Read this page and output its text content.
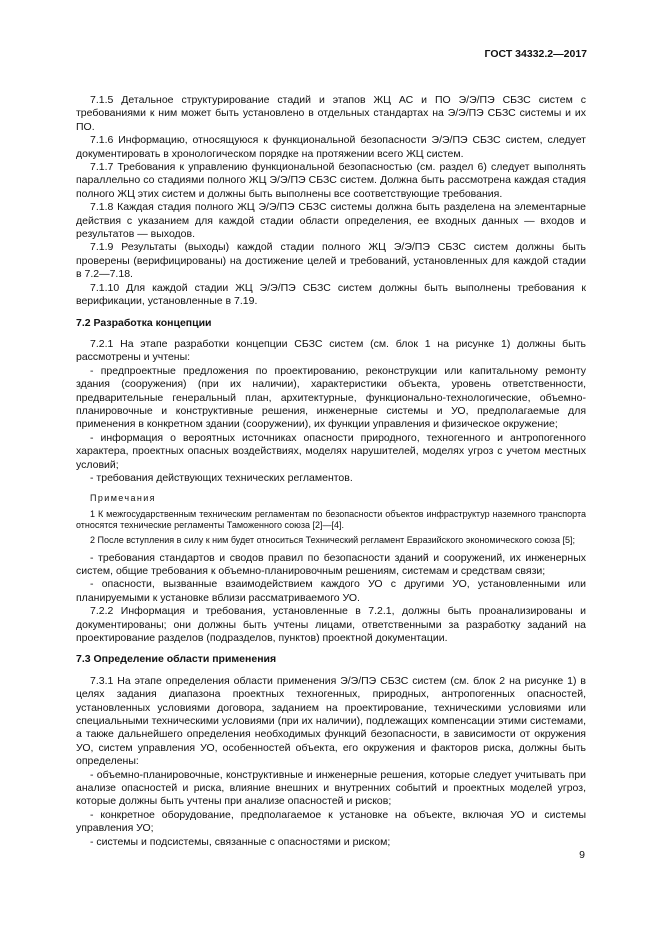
ГОСТ 34332.2—2017

7.1.5 Детальное структурирование стадий и этапов ЖЦ АС и ПО Э/Э/ПЭ СБЗС систем с требованиями к ним может быть установлено в отдельных стандартах на Э/Э/ПЭ СБЗС системы и их ПО.

7.1.6 Информацию, относящуюся к функциональной безопасности Э/Э/ПЭ СБЗС систем, следует документировать в хронологическом порядке на протяжении всего ЖЦ систем.

7.1.7 Требования к управлению функциональной безопасностью (см. раздел 6) следует выполнять параллельно со стадиями полного ЖЦ Э/Э/ПЭ СБЗС систем. Должна быть рассмотрена каждая стадия полного ЖЦ этих систем и должны быть выполнены все соответствующие требования.

7.1.8 Каждая стадия полного ЖЦ Э/Э/ПЭ СБЗС системы должна быть разделена на элементарные действия с указанием для каждой стадии области определения, ее входных данных — входов и результатов — выходов.

7.1.9 Результаты (выходы) каждой стадии полного ЖЦ Э/Э/ПЭ СБЗС систем должны быть проверены (верифицированы) на достижение целей и требований, установленных для каждой стадии в 7.2—7.18.

7.1.10 Для каждой стадии ЖЦ Э/Э/ПЭ СБЗС систем должны быть выполнены требования к верификации, установленные в 7.19.

7.2 Разработка концепции

7.2.1 На этапе разработки концепции СБЗС систем (см. блок 1 на рисунке 1) должны быть рассмотрены и учтены:

- предпроектные предложения по проектированию, реконструкции или капитальному ремонту здания (сооружения) (при их наличии), характеристики объекта, уровень ответственности, предварительные генеральный план, архитектурные, функционально-технологические, объемно-планировочные и конструктивные решения, инженерные системы и УО, предполагаемые для применения в конкретном здании (сооружении), их функции управления и физическое окружение;

- информация о вероятных источниках опасности природного, техногенного и антропогенного характера, проектных опасных воздействиях, моделях нарушителей, моделях угроз с учетом местных условий;

- требования действующих технических регламентов.

Примечания

1 К межгосударственным техническим регламентам по безопасности объектов инфраструктур наземного транспорта относятся технические регламенты Таможенного союза [2]—[4].

2 После вступления в силу к ним будет относиться Технический регламент Евразийского экономического союза [5];

- требования стандартов и сводов правил по безопасности зданий и сооружений, их инженерных систем, общие требования к объемно-планировочным решениям, системам и средствам связи;

- опасности, вызванные взаимодействием каждого УО с другими УО, установленными или планируемыми к установке вблизи рассматриваемого УО.

7.2.2 Информация и требования, установленные в 7.2.1, должны быть проанализированы и документированы; они должны быть учтены лицами, ответственными за разработку заданий на проектирование разделов (подразделов, пунктов) проектной документации.

7.3 Определение области применения

7.3.1 На этапе определения области применения Э/Э/ПЭ СБЗС систем (см. блок 2 на рисунке 1) в целях задания диапазона проектных техногенных, природных, антропогенных опасностей, установленных условиями договора, заданием на проектирование, техническими условиями или специальными техническими условиями (при их наличии), подлежащих компенсации этими системами, а также дальнейшего определения необходимых функций безопасности, в зависимости от окружения УО, систем управления УО, особенностей объекта, его окружения и факторов риска, должны быть определены:

- объемно-планировочные, конструктивные и инженерные решения, которые следует учитывать при анализе опасностей и риска, влияние внешних и внутренних событий и проектных моделей угроз, которые должны быть учтены при анализе опасностей и рисков;

- конкретное оборудование, предполагаемое к установке на объекте, включая УО и системы управления УО;

- системы и подсистемы, связанные с опасностями и риском;

9
